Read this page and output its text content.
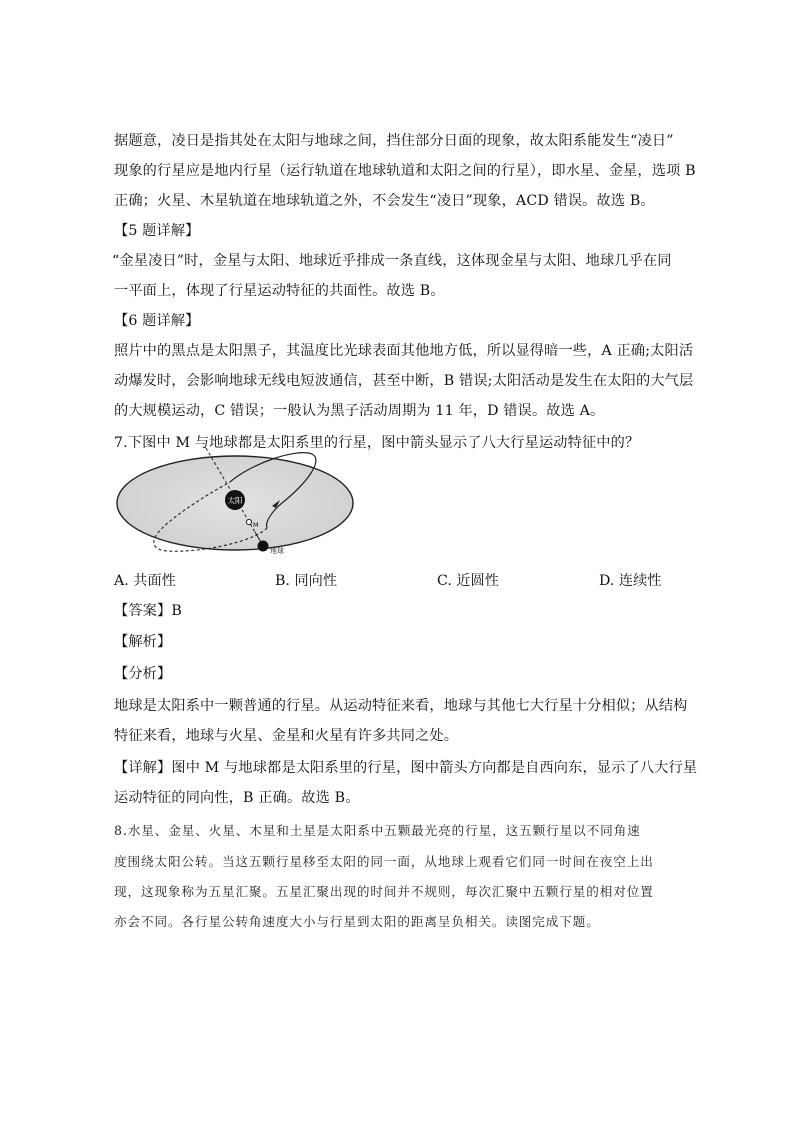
据题意，凌日是指其处在太阳与地球之间，挡住部分日面的现象，故太阳系能发生“凌日”
现象的行星应是地内行星（运行轨道在地球轨道和太阳之间的行星），即水星、金星，选项 B
正确；火星、木星轨道在地球轨道之外，不会发生“凌日”现象，ACD 错误。故选 B。
【5 题详解】
“金星凌日”时，金星与太阳、地球近乎排成一条直线，这体现金星与太阳、地球几乎在同
一平面上，体现了行星运动特征的共面性。故选 B。
【6 题详解】
照片中的黑点是太阳黑子，其温度比光球表面其他地方低，所以显得暗一些，A 正确;太阳活
动爆发时，会影响地球无线电短波通信，甚至中断，B 错误;太阳活动是发生在太阳的大气层
的大规模运动，C 错误；一般认为黑子活动周期为 11 年，D 错误。故选 A。
7.下图中 M 与地球都是太阳系里的行星，图中箭头显示了八大行星运动特征中的？
太阳
M
地球
A. 共面性	B. 同向性	C. 近圆性	D. 连续性
【答案】B
【解析】
【分析】
地球是太阳系中一颗普通的行星。从运动特征来看，地球与其他七大行星十分相似；从结构
特征来看，地球与火星、金星和火星有许多共同之处。
【详解】图中 M 与地球都是太阳系里的行星，图中箭头方向都是自西向东，显示了八大行星
运动特征的同向性，B 正确。故选 B。
8.水星、金星、火星、木星和土星是太阳系中五颗最光亮的行星，这五颗行星以不同角速
度围绕太阳公转。当这五颗行星移至太阳的同一面，从地球上观看它们同一时间在夜空上出
现，这现象称为五星汇聚。五星汇聚出现的时间并不规则，每次汇聚中五颗行星的相对位置
亦会不同。各行星公转角速度大小与行星到太阳的距离呈负相关。读图完成下题。
